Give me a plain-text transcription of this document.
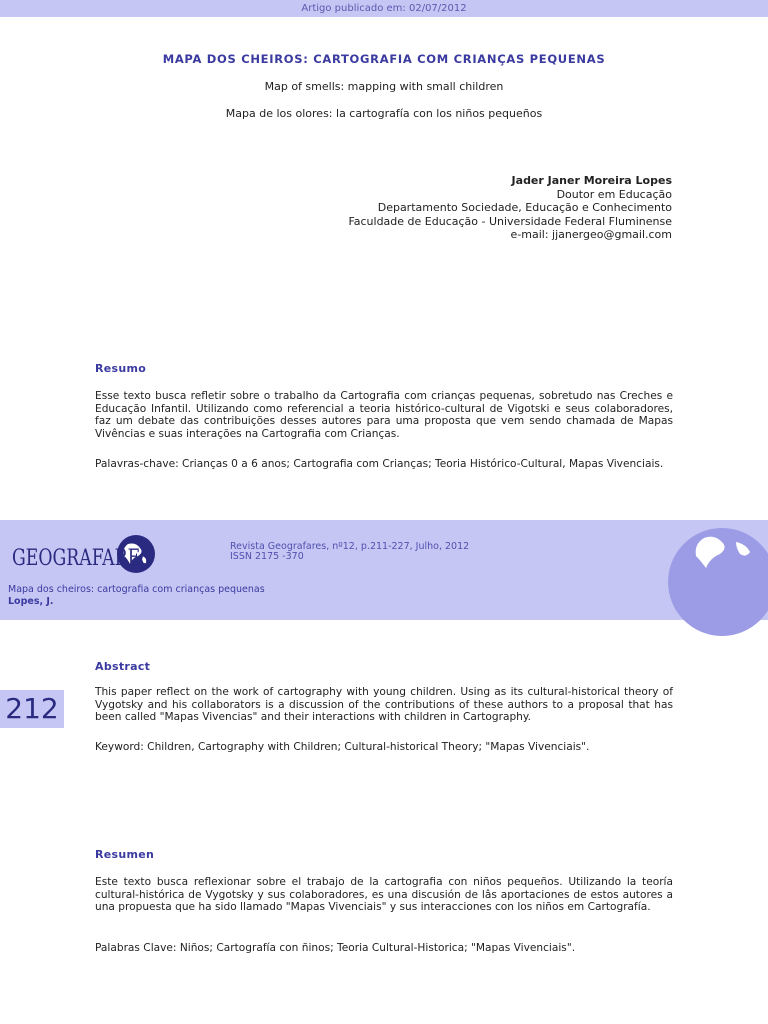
Artigo publicado em: 02/07/2012
MAPA DOS CHEIROS: CARTOGRAFIA COM CRIANÇAS PEQUENAS
Map of smells: mapping with small children
Mapa de los olores: la cartografía con los niños pequeños
Jader Janer Moreira Lopes
Doutor em Educação
Departamento Sociedade, Educação e Conhecimento
Faculdade de Educação - Universidade Federal Fluminense
e-mail: jjanergeo@gmail.com
Resumo
Esse texto busca refletir sobre o trabalho da Cartografia com crianças pequenas, sobretudo nas Creches e Educação Infantil. Utilizando como referencial a teoria histórico-cultural de Vigotski e seus colaboradores, faz um debate das contribuições desses autores para uma proposta que vem sendo chamada de Mapas Vivências e suas interações na Cartografia com Crianças.
Palavras-chave: Crianças 0 a 6 anos; Cartografia com Crianças; Teoria Histórico-Cultural, Mapas Vivenciais.
GEOGRAFARES	Revista Geografares, nº12, p.211-227, Julho, 2012
ISSN 2175 -370
Mapa dos cheiros: cartografia com crianças pequenas
Lopes, J.
Abstract
212	This paper reflect on the work of cartography with young children. Using as its cultural-historical theory of Vygotsky and his collaborators is a discussion of the contributions of these authors to a proposal that has been called "Mapas Vivencias" and their interactions with children in Cartography.
Keyword: Children, Cartography with Children; Cultural-historical Theory; "Mapas Vivenciais".
Resumen
Este texto busca reflexionar sobre el trabajo de la cartografia con niños pequeños. Utilizando la teoría cultural-histórica de Vygotsky y sus colaboradores, es una discusión de lâs aportaciones de estos autores a una propuesta que ha sido llamado "Mapas Vivenciais" y sus interacciones con los niños em Cartografía.
Palabras Clave: Niños; Cartografía con ñinos; Teoria Cultural-Historica; "Mapas Vivenciais".
